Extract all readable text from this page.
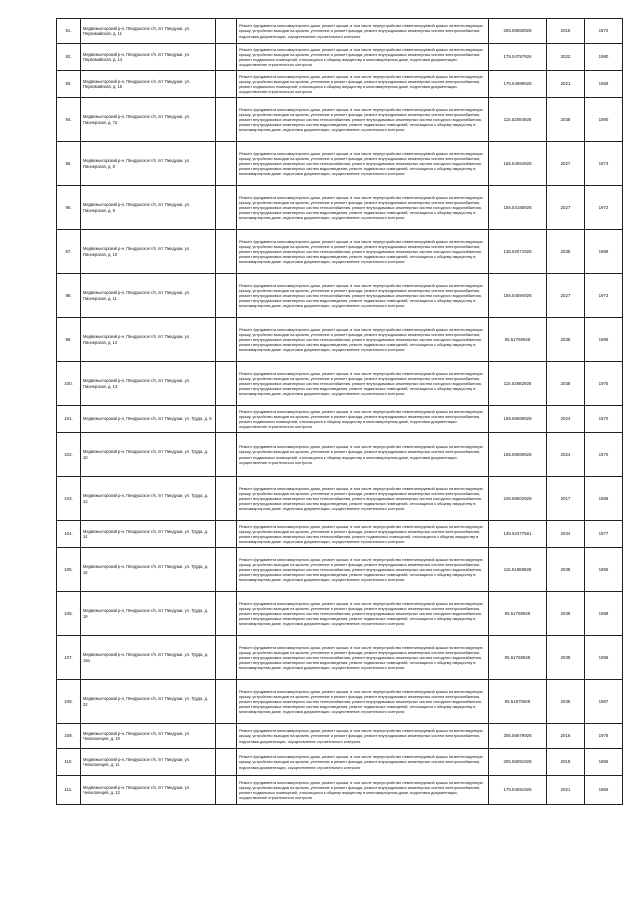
91.	Медвежьегорский р-н, Пиндушское г/п, пгт Пиндуши, ул. Первомайская, д. 11		Ремонт фундамента многоквартирного дома, ремонт крыши, в том числе переустройство невентилируемой крыши на вентилируемую крышу, устройство выходов на кровлю, утепление и ремонт фасада, ремонт внутридомовых инженерных систем электроснабжения, подготовка документации, осуществление строительного контроля	205.56560928	2016	1972
92.	Медвежьегорский р-н, Пиндушское г/п, пгт Пиндуши, ул. Первомайская, д. 14		Ремонт фундамента многоквартирного дома, ремонт крыши, в том числе переустройство невентилируемой крыши на вентилируемую крышу, устройство выходов на кровлю, утепление и ремонт фасада, ремонт внутридомовых инженерных систем электроснабжения, ремонт подвальных помещений, относящихся к общему имуществу в многоквартирном доме, подготовка документации, осуществление строительного контроля	175.54797926	2022	1980
93.	Медвежьегорский р-н, Пиндушское г/п, пгт Пиндуши, ул. Первомайская, д. 16		Ремонт фундамента многоквартирного дома, ремонт крыши, в том числе переустройство невентилируемой крыши на вентилируемую крышу, устройство выходов на кровлю, утепление и ремонт фасада, ремонт внутридомовых инженерных систем электроснабжения, ремонт подвальных помещений, относящихся к общему имуществу в многоквартирном доме, подготовка документации, осуществление строительного контроля	175.54989928	2021	1958
94.	Медвежьегорский р-н, Пиндушское г/п, пгт Пиндуши, ул. Пионерская, д. 7а		Ремонт фундамента многоквартирного дома, ремонт крыши, в том числе переустройство невентилируемой крыши на вентилируемую крышу, устройство выходов на кровлю, утепление и ремонт фасада, ремонт внутридомовых инженерных систем электроснабжения, ремонт внутридомовых инженерных систем теплоснабжения, ремонт внутридомовых инженерных систем холодного водоснабжения, ремонт внутридомовых инженерных систем водоотведения, ремонт подвальных помещений, относящихся к общему имуществу в многоквартирном доме, подготовка документации, осуществление строительного контроля	115.52084928	2038	1980
95.	Медвежьегорский р-н, Пиндушское г/п, пгт Пиндуши, ул. Пионерская, д. 8		Ремонт фундамента многоквартирного дома, ремонт крыши, в том числе переустройство невентилируемой крыши на вентилируемую крышу, устройство выходов на кровлю, утепление и ремонт фасада, ремонт внутридомовых инженерных систем электроснабжения, ремонт внутридомовых инженерных систем теплоснабжения, ремонт внутридомовых инженерных систем холодного водоснабжения, ремонт внутридомовых инженерных систем водоотведения, ремонт подвальных помещений, относящихся к общему имуществу в многоквартирном доме, подготовка документации, осуществление строительного контроля	155.54064928	2027	1973
96.	Медвежьегорский р-н, Пиндушское г/п, пгт Пиндуши, ул. Пионерская, д. 9		Ремонт фундамента многоквартирного дома, ремонт крыши, в том числе переустройство невентилируемой крыши на вентилируемую крышу, устройство выходов на кровлю, утепление и ремонт фасада, ремонт внутридомовых инженерных систем электроснабжения, ремонт внутридомовых инженерных систем теплоснабжения, ремонт внутридомовых инженерных систем холодного водоснабжения, ремонт внутридомовых инженерных систем водоотведения, ремонт подвальных помещений, относящихся к общему имуществу в многоквартирном доме, подготовка документации, осуществление строительного контроля	155.54185928	2027	1972
97.	Медвежьегорский р-н, Пиндушское г/п, пгт Пиндуши, ул. Пионерская, д. 10		Ремонт фундамента многоквартирного дома, ремонт крыши, в том числе переустройство невентилируемой крыши на вентилируемую крышу, устройство выходов на кровлю, утепление и ремонт фасада, ремонт внутридомовых инженерных систем электроснабжения, ремонт внутридомовых инженерных систем теплоснабжения, ремонт внутридомовых инженерных систем холодного водоснабжения, ремонт внутридомовых инженерных систем водоотведения, ремонт подвальных помещений, относящихся к общему имуществу в многоквартирном доме, подготовка документации, осуществление строительного контроля	135.52071928	2035	1988
98.	Медвежьегорский р-н, Пиндушское г/п, пгт Пиндуши, ул. Пионерская, д. 11		Ремонт фундамента многоквартирного дома, ремонт крыши, в том числе переустройство невентилируемой крыши на вентилируемую крышу, устройство выходов на кровлю, утепление и ремонт фасада, ремонт внутридомовых инженерных систем электроснабжения, ремонт внутридомовых инженерных систем теплоснабжения, ремонт внутридомовых инженерных систем холодного водоснабжения, ремонт внутридомовых инженерных систем водоотведения, ремонт подвальных помещений, относящихся к общему имуществу в многоквартирном доме, подготовка документации, осуществление строительного контроля	155.54594928	2027	1973
99.	Медвежьегорский р-н, Пиндушское г/п, пгт Пиндуши, ул. Пионерская, д. 12		Ремонт фундамента многоквартирного дома, ремонт крыши, в том числе переустройство невентилируемой крыши на вентилируемую крышу, устройство выходов на кровлю, утепление и ремонт фасада, ремонт внутридомовых инженерных систем электроснабжения, ремонт внутридомовых инженерных систем теплоснабжения, ремонт внутридомовых инженерных систем холодного водоснабжения, ремонт внутридомовых инженерных систем водоотведения, ремонт подвальных помещений, относящихся к общему имуществу в многоквартирном доме, подготовка документации, осуществление строительного контроля	95.51769928	2036	1986
100.	Медвежьегорский р-н, Пиндушское г/п, пгт Пиндуши, ул. Пионерская, д. 13		Ремонт фундамента многоквартирного дома, ремонт крыши, в том числе переустройство невентилируемой крыши на вентилируемую крышу, устройство выходов на кровлю, утепление и ремонт фасада, ремонт внутридомовых инженерных систем электроснабжения, ремонт внутридомовых инженерных систем теплоснабжения, ремонт внутридомовых инженерных систем холодного водоснабжения, ремонт внутридомовых инженерных систем водоотведения, ремонт подвальных помещений, относящихся к общему имуществу в многоквартирном доме, подготовка документации, осуществление строительного контроля	115.52682928	2038	1975
101.	Медвежьегорский р-н, Пиндушское г/п, пгт Пиндуши, ул. Труда, д. 9		Ремонт фундамента многоквартирного дома, ремонт крыши, в том числе переустройство невентилируемой крыши на вентилируемую крышу, устройство выходов на кровлю, утепление и ремонт фасада, ремонт внутридомовых инженерных систем электроснабжения, ремонт подвальных помещений, относящихся к общему имуществу в многоквартирном доме, подготовка документации, осуществление строительного контроля	155.55669928	2024	1970
102.	Медвежьегорский р-н, Пиндушское г/п, пгт Пиндуши, ул. Труда, д. 10		Ремонт фундамента многоквартирного дома, ремонт крыши, в том числе переустройство невентилируемой крыши на вентилируемую крышу, устройство выходов на кровлю, утепление и ремонт фасада, ремонт внутридомовых инженерных систем электроснабжения, ремонт подвальных помещений, относящихся к общему имуществу в многоквартирном доме, подготовка документации, осуществление строительного контроля	155.55669928	2024	1970
103.	Медвежьегорский р-н, Пиндушское г/п, пгт Пиндуши, ул. Труда, д. 13		Ремонт фундамента многоквартирного дома, ремонт крыши, в том числе переустройство невентилируемой крыши на вентилируемую крышу, устройство выходов на кровлю, утепление и ремонт фасада, ремонт внутридомовых инженерных систем электроснабжения, ремонт внутридомовых инженерных систем теплоснабжения, ремонт внутридомовых инженерных систем холодного водоснабжения, ремонт внутридомовых инженерных систем водоотведения, ремонт подвальных помещений, относящихся к общему имуществу в многоквартирном доме, подготовка документации, осуществление строительного контроля	225.56602928	2017	1958
104.	Медвежьегорский р-н, Пиндушское г/п, пгт Пиндуши, ул. Труда, д. 14		Ремонт фундамента многоквартирного дома, ремонт крыши, в том числе переустройство невентилируемой крыши на вентилируемую крышу, устройство выходов на кровлю, утепление и ремонт фасада, ремонт внутридомовых инженерных систем электроснабжения, ремонт внутридомовых инженерных систем теплоснабжения, ремонт подвальных помещений, относящихся к общему имуществу в многоквартирном доме, подготовка документации, осуществление строительного контроля	135.52377561	2034	1977
105.	Медвежьегорский р-н, Пиндушское г/п, пгт Пиндуши, ул. Труда, д. 15		Ремонт фундамента многоквартирного дома, ремонт крыши, в том числе переустройство невентилируемой крыши на вентилируемую крышу, устройство выходов на кровлю, утепление и ремонт фасада, ремонт внутридомовых инженерных систем электроснабжения, ремонт внутридомовых инженерных систем теплоснабжения, ремонт внутридомовых инженерных систем холодного водоснабжения, ремонт внутридомовых инженерных систем водоотведения, ремонт подвальных помещений, относящихся к общему имуществу в многоквартирном доме, подготовка документации, осуществление строительного контроля	115.51869928	2038	1955
106.	Медвежьегорский р-н, Пиндушское г/п, пгт Пиндуши, ул. Труда, д. 19		Ремонт фундамента многоквартирного дома, ремонт крыши, в том числе переустройство невентилируемой крыши на вентилируемую крышу, устройство выходов на кровлю, утепление и ремонт фасада, ремонт внутридомовых инженерных систем электроснабжения, ремонт внутридомовых инженерных систем теплоснабжения, ремонт внутридомовых инженерных систем холодного водоснабжения, ремонт внутридомовых инженерных систем водоотведения, ремонт подвальных помещений, относящихся к общему имуществу в многоквартирном доме, подготовка документации, осуществление строительного контроля	95.51769928	2038	1988
107.	Медвежьегорский р-н, Пиндушское г/п, пгт Пиндуши, ул. Труда, д. 19а		Ремонт фундамента многоквартирного дома, ремонт крыши, в том числе переустройство невентилируемой крыши на вентилируемую крышу, устройство выходов на кровлю, утепление и ремонт фасада, ремонт внутридомовых инженерных систем электроснабжения, ремонт внутридомовых инженерных систем теплоснабжения, ремонт внутридомовых инженерных систем холодного водоснабжения, ремонт внутридомовых инженерных систем водоотведения, ремонт подвальных помещений, относящихся к общему имуществу в многоквартирном доме, подготовка документации, осуществление строительного контроля	95.51769928	2039	1996
108.	Медвежьегорский р-н, Пиндушское г/п, пгт Пиндуши, ул. Труда, д. 22		Ремонт фундамента многоквартирного дома, ремонт крыши, в том числе переустройство невентилируемой крыши на вентилируемую крышу, устройство выходов на кровлю, утепление и ремонт фасада, ремонт внутридомовых инженерных систем электроснабжения, ремонт внутридомовых инженерных систем теплоснабжения, ремонт внутридомовых инженерных систем холодного водоснабжения, ремонт внутридомовых инженерных систем водоотведения, ремонт подвальных помещений, относящихся к общему имуществу в многоквартирном доме, подготовка документации, осуществление строительного контроля	95.51870928	2036	1987
109.	Медвежьегорский р-н, Пиндушское г/п, пгт Пиндуши, ул. Челюскинцев, д. 10		Ремонт фундамента многоквартирного дома, ремонт крыши, в том числе переустройство невентилируемой крыши на вентилируемую крышу, устройство выходов на кровлю, утепление и ремонт фасада, ремонт внутридомовых инженерных систем электроснабжения, подготовка документации, осуществление строительного контроля	205.56679928	2016	1978
110.	Медвежьегорский р-н, Пиндушское г/п, пгт Пиндуши, ул. Челюскинцев, д. 11		Ремонт фундамента многоквартирного дома, ремонт крыши, в том числе переустройство невентилируемой крыши на вентилируемую крышу, устройство выходов на кровлю, утепление и ремонт фасада, ремонт внутридомовых инженерных систем электроснабжения, подготовка документации, осуществление строительного контроля	205.56091928	2019	1966
111.	Медвежьегорский р-н, Пиндушское г/п, пгт Пиндуши, ул. Челюскинцев, д. 12		Ремонт фундамента многоквартирного дома, ремонт крыши, в том числе переустройство невентилируемой крыши на вентилируемую крышу, устройство выходов на кровлю, утепление и ремонт фасада, ремонт внутридомовых инженерных систем электроснабжения, ремонт подвальных помещений, относящихся к общему имуществу в многоквартирном доме, подготовка документации, осуществление строительного контроля	175.54591928	2021	1966
